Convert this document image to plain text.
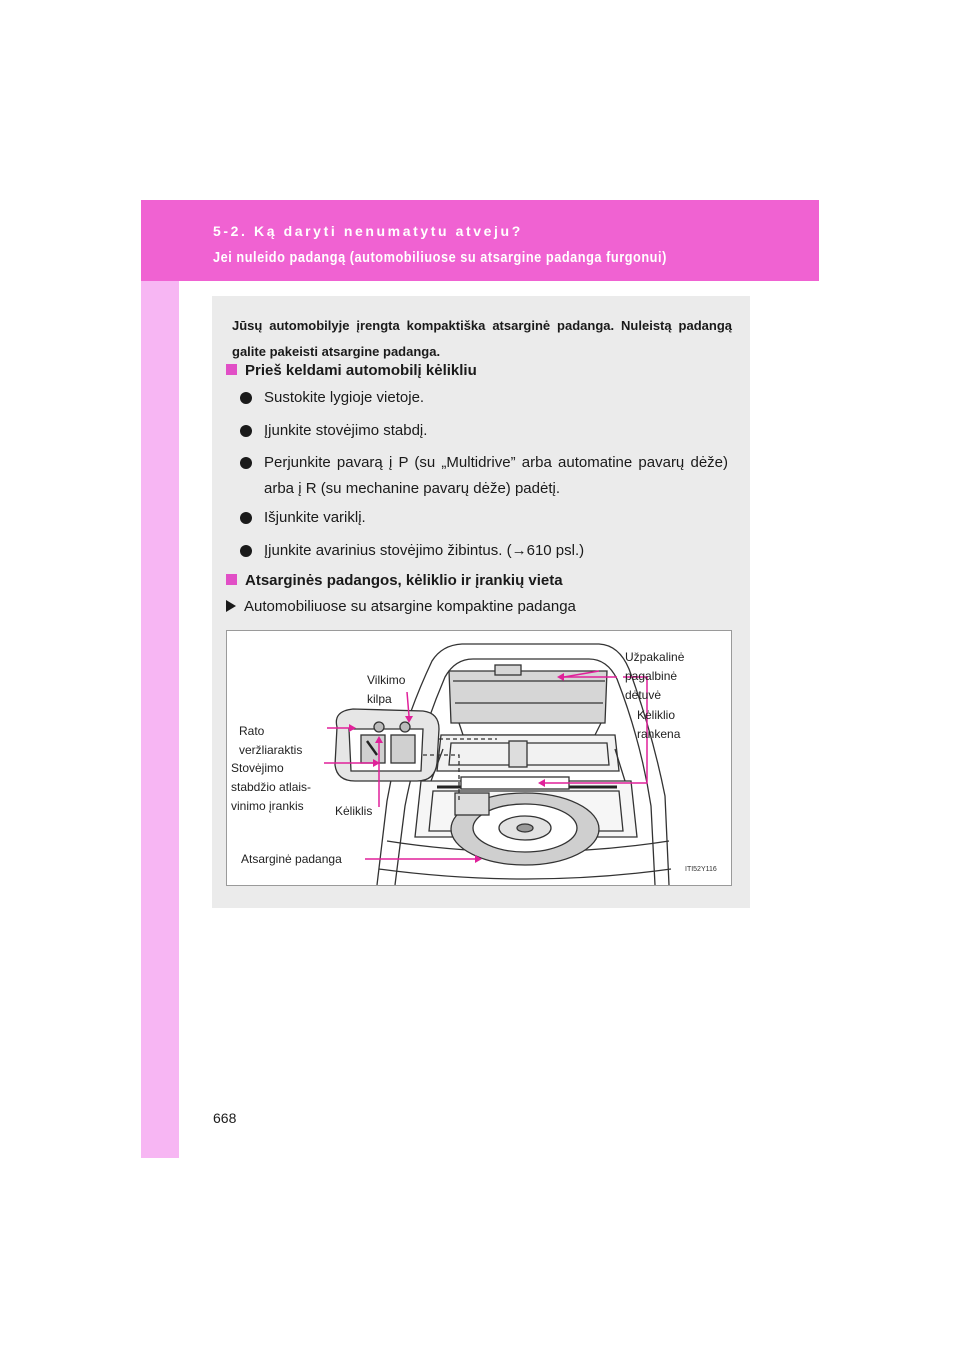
5-2. Ką daryti nenumatytu atveju?
Jei nuleido padangą (automobiliuose su atsargine padanga furgonui)
Jūsų automobilyje įrengta kompaktiška atsarginė padanga. Nuleistą padangą galite pakeisti atsargine padanga.
Prieš keldami automobilį kėlikliu
Sustokite lygioje vietoje.
Įjunkite stovėjimo stabdį.
Perjunkite pavarą į P (su „Multidrive” arba automatine pavarų dėže) arba į R (su mechanine pavarų dėže) padėtį.
Išjunkite variklį.
Įjunkite avarinius stovėjimo žibintus. (→610 psl.)
Atsarginės padangos, kėliklio ir įrankių vieta
Automobiliuose su atsargine kompaktine padanga
Vilkimo kilpa
Užpakalinė pagalbinė dėtuvė
Kėliklio rankena
Rato veržliaraktis
Stovėjimo stabdžio atlais- vinimo įrankis	Kėliklis
Atsarginė padanga
ITI52Y116
668
